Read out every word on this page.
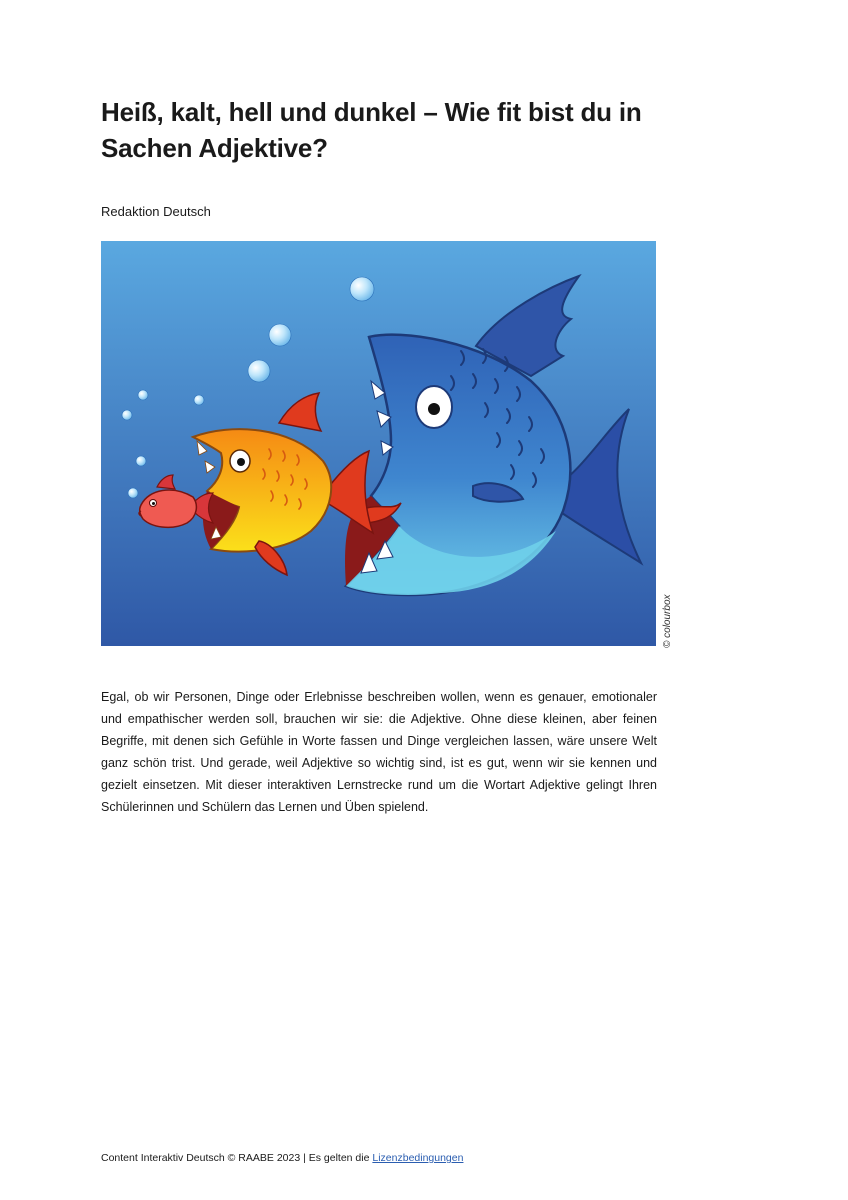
Heiß, kalt, hell und dunkel – Wie fit bist du in Sachen Adjektive?

Redaktion Deutsch

© colourbox

Egal, ob wir Personen, Dinge oder Erlebnisse beschreiben wollen, wenn es genauer, emotionaler und empathischer werden soll, brauchen wir sie: die Adjektive. Ohne diese kleinen, aber feinen Begriffe, mit denen sich Gefühle in Worte fassen und Dinge vergleichen lassen, wäre unsere Welt ganz schön trist. Und gerade, weil Adjektive so wichtig sind, ist es gut, wenn wir sie kennen und gezielt einsetzen. Mit dieser interaktiven Lernstrecke rund um die Wortart Adjektive gelingt Ihren Schülerinnen und Schülern das Lernen und Üben spielend.

Content Interaktiv Deutsch © RAABE 2023 | Es gelten die Lizenzbedingungen
